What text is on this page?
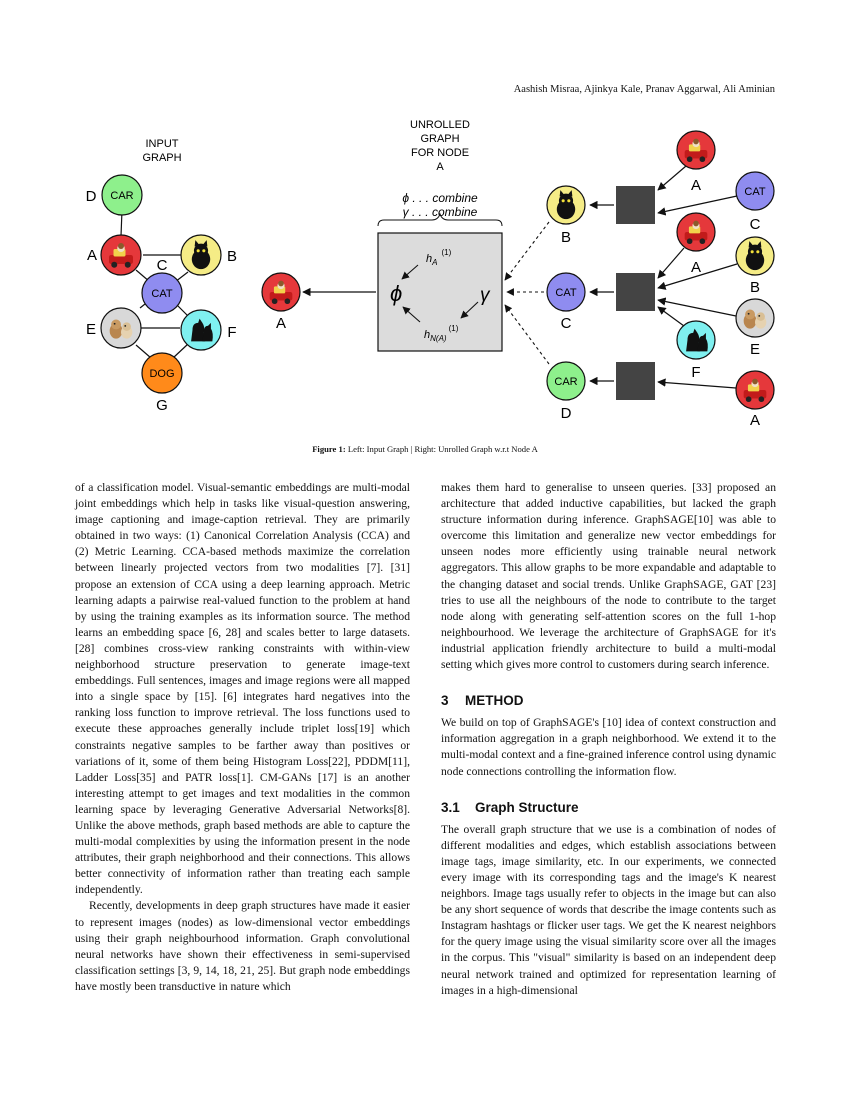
Aashish Misraa, Ajinkya Kale, Pranav Aggarwal, Ali Aminian
INPUT
GRAPH
CAR
CAT
DOG
D
A	B
C
E	F
G
A
UNROLLED
GRAPH
FOR NODE
A
ϕ . . . combine
γ . . . combine
ϕ	γ
$h_A^{(1)}$
$h_{N(A)}^{(1)}$
B
CAT
C
CAR
D
A	CAT
C
A
B
E
F
A
Figure 1: Left: Input Graph | Right: Unrolled Graph w.r.t Node A

of a classification model. Visual-semantic embeddings are multi-modal joint embeddings which help in tasks like visual-question answering, image captioning and image-caption retrieval. They are primarily obtained in two ways: (1) Canonical Correlation Analysis (CCA) and (2) Metric Learning. CCA-based methods maximize the correlation between linearly projected vectors from two modalities [7]. [31] propose an extension of CCA using a deep learning approach. Metric learning adapts a pairwise real-valued function to the problem at hand by using the training examples as its information source. The method learns an embedding space [6, 28] and scales better to large datasets. [28] combines cross-view ranking constraints with within-view neighborhood structure preservation to generate image-text embeddings. Full sentences, images and image regions were all mapped into a single space by [15]. [6] integrates hard negatives into the ranking loss function to improve retrieval. The loss functions used to execute these approaches generally include triplet loss[19] which constraints negative samples to be farther away than positives or variations of it, some of them being Histogram Loss[22], PDDM[11], Ladder Loss[35] and PATR loss[1]. CM-GANs [17] is an another interesting attempt to get images and text modalities in the common learning space by leveraging Generative Adversarial Networks[8]. Unlike the above methods, graph based methods are able to capture the multi-modal complexities by using the information present in the node attributes, their graph neighborhood and their connections. This allows better connectivity of information rather than treating each sample independently.

Recently, developments in deep graph structures have made it easier to represent images (nodes) as low-dimensional vector embeddings using their graph neighbourhood information. Graph convolutional neural networks have shown their effectiveness in semi-supervised classification settings [3, 9, 14, 18, 21, 25]. But graph node embeddings have mostly been transductive in nature which

makes them hard to generalise to unseen queries. [33] proposed an architecture that added inductive capabilities, but lacked the graph structure information during inference. GraphSAGE[10] was able to overcome this limitation and generalize new vector embeddings for unseen nodes more efficiently using trainable neural network aggregators. This allow graphs to be more expandable and adaptable to the changing dataset and social trends. Unlike GraphSAGE, GAT [23] tries to use all the neighbours of the node to contribute to the target node along with generating self-attention scores on the full 1-hop neighbourhood. We leverage the architecture of GraphSAGE for it's industrial application friendly architecture to build a multi-modal setting which gives more control to customers during search inference.

3 METHOD

We build on top of GraphSAGE's [10] idea of context construction and information aggregation in a graph neighborhood. We extend it to the multi-modal context and a fine-grained inference control using dynamic node connections controlling the information flow.

3.1 Graph Structure

The overall graph structure that we use is a combination of nodes of different modalities and edges, which establish associations between image tags, image similarity, etc. In our experiments, we connected every image with its corresponding tags and the image's K nearest neighbors. Image tags usually refer to objects in the image but can also be any short sequence of words that describe the image contents such as Instagram hashtags or flicker user tags. We get the K nearest neighbors for the query image using the visual similarity score over all the images in the corpus. This "visual" similarity is based on an independent deep neural network trained and optimized for representation learning of images in a high-dimensional
